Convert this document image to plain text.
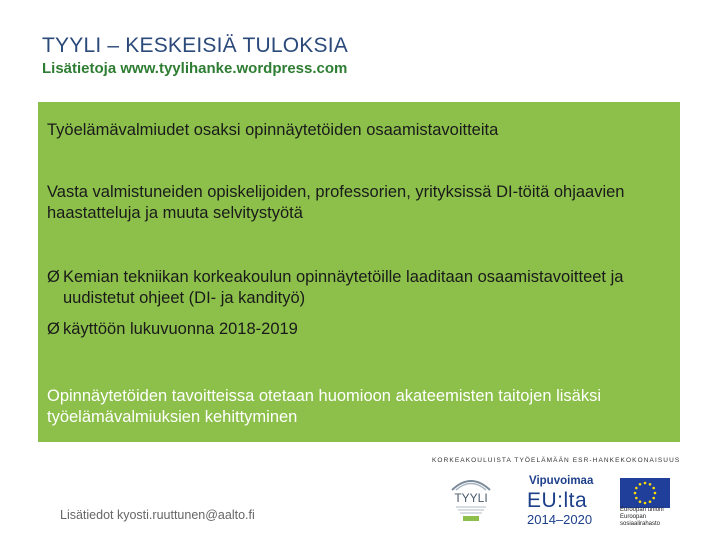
TYYLI – KESKEISIÄ TULOKSIA
Lisätietoja www.tyylihanke.wordpress.com
Työelämävalmiudet osaksi opinnäytetöiden osaamistavoitteita
Vasta valmistuneiden opiskelijoiden, professorien, yrityksissä DI-töitä ohjaavien haastatteluja ja muuta selvitystyötä
Ø Kemian tekniikan korkeakoulun opinnäytetöille laaditaan osaamistavoitteet ja uudistetut ohjeet (DI- ja kandityö)
Ø käyttöön lukuvuonna 2018-2019
Opinnäytetöiden tavoitteissa otetaan huomioon akateemisten taitojen lisäksi työelämävalmiuksien kehittyminen
KORKEAKOULUISTA TYÖELÄMÄÄN ESR-HANKEKOKONAISUUS
TYYLI
Vipuvoimaa
EU:lta
2014–2020
Euroopan unioni Euroopan sosiaalirahasto
Lisätiedot kyosti.ruuttunen@aalto.fi
